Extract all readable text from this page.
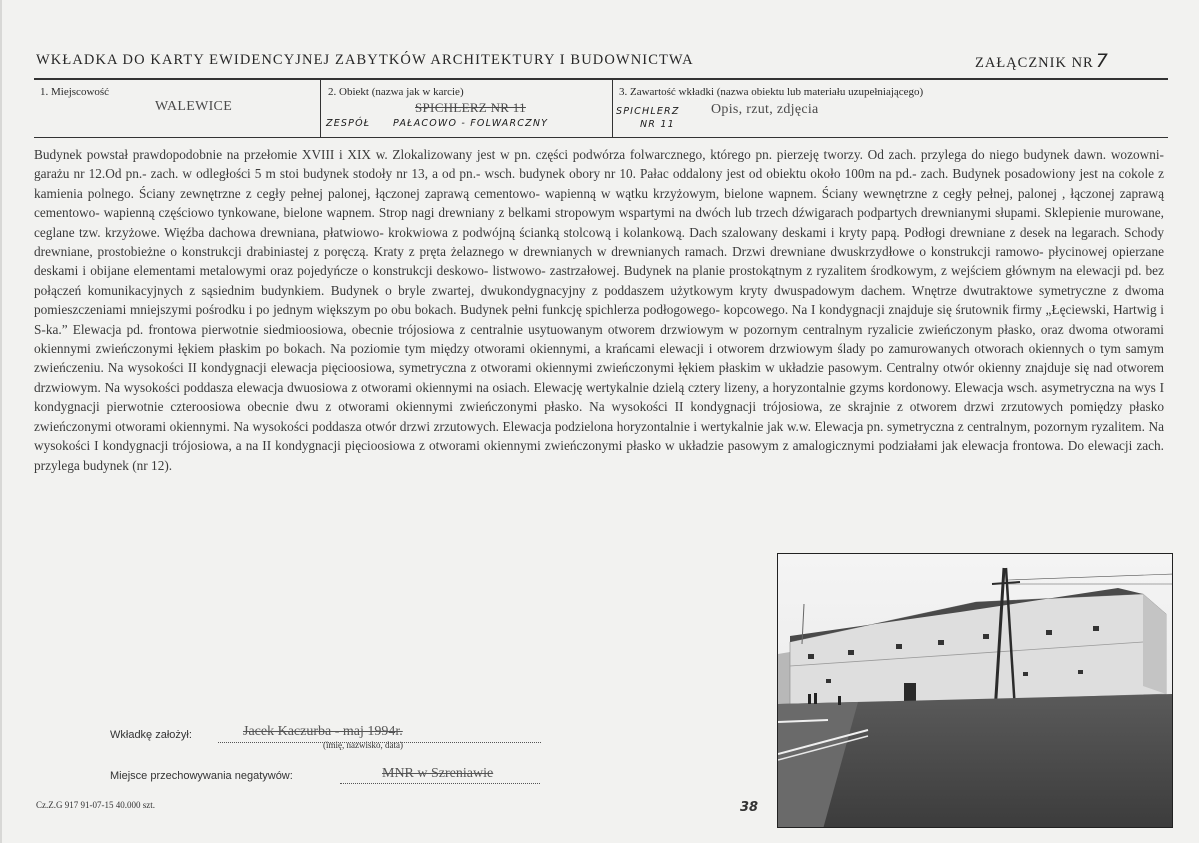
WKŁADKA DO KARTY EWIDENCYJNEJ ZABYTKÓW ARCHITEKTURY I BUDOWNICTWA	ZAŁĄCZNIK NR 7
1. Miejscowość
WALEWICE
2. Obiekt (nazwa jak w karcie)
SPICHLERZ NR 11
ZESPÓŁ PAŁACOWO - FOLWARCZNY
3. Zawartość wkładki (nazwa obiektu lub materiału uzupełniającego)
SPICHLERZ
NR 11
Opis, rzut, zdjęcia

Budynek powstał prawdopodobnie na przełomie XVIII i XIX w. Zlokalizowany jest w pn. części podwórza folwarcznego, którego pn. pierzeję tworzy. Od zach. przylega do niego budynek dawn. wozowni- garażu nr 12.Od pn.- zach. w odległości 5 m stoi budynek stodoły nr 13, a od pn.- wsch. budynek obory nr 10. Pałac oddalony jest od obiektu około 100m na pd.- zach. Budynek posadowiony jest na cokole z kamienia polnego. Ściany zewnętrzne z cegły pełnej palonej, łączonej zaprawą cementowo- wapienną w wątku krzyżowym, bielone wapnem. Ściany wewnętrzne z cegły pełnej, palonej , łączonej zaprawą cementowo- wapienną częściowo tynkowane, bielone wapnem. Strop nagi drewniany z belkami stropowym wspartymi na dwóch lub trzech dźwigarach podpartych drewnianymi słupami. Sklepienie murowane, ceglane tzw. krzyżowe. Więźba dachowa drewniana, płatwiowo- krokwiowa z podwójną ścianką stolcową i kolankową. Dach szalowany deskami i kryty papą. Podłogi drewniane z desek na legarach. Schody drewniane, prostobieżne o konstrukcji drabiniastej z poręczą. Kraty z pręta żelaznego w drewnianych w drewnianych ramach. Drzwi drewniane dwuskrzydłowe o konstrukcji ramowo- płycinowej opierzane deskami i obijane elementami metalowymi oraz pojedyńcze o konstrukcji deskowo- listwowo- zastrzałowej. Budynek na planie prostokątnym z ryzalitem środkowym, z wejściem głównym na elewacji pd. bez połączeń komunikacyjnych z sąsiednim budynkiem. Budynek o bryle zwartej, dwukondygnacyjny z poddaszem użytkowym kryty dwuspadowym dachem. Wnętrze dwutraktowe symetryczne z dwoma pomieszczeniami mniejszymi pośrodku i po jednym większym po obu bokach. Budynek pełni funkcję spichlerza podłogowego- kopcowego. Na I kondygnacji znajduje się śrutownik firmy „Łęciewski, Hartwig i S-ka.” Elewacja pd. frontowa pierwotnie siedmioosiowa, obecnie trójosiowa z centralnie usytuowanym otworem drzwiowym w pozornym centralnym ryzalicie zwieńczonym płasko, oraz dwoma otworami okiennymi zwieńczonymi łękiem płaskim po bokach. Na poziomie tym między otworami okiennymi, a krańcami elewacji i otworem drzwiowym ślady po zamurowanych otworach okiennych o tym samym zwieńczeniu. Na wysokości II kondygnacji elewacja pięcioosiowa, symetryczna z otworami okiennymi zwieńczonymi łękiem płaskim w układzie pasowym. Centralny otwór okienny znajduje się nad otworem drzwiowym. Na wysokości poddasza elewacja dwuosiowa z otworami okiennymi na osiach. Elewację wertykalnie dzielą cztery lizeny, a horyzontalnie gzyms kordonowy. Elewacja wsch. asymetryczna na wys I kondygnacji pierwotnie czteroosiowa obecnie dwu z otworami okiennymi zwieńczonymi płasko. Na wysokości II kondygnacji trójosiowa, ze skrajnie z otworem drzwi zrzutowych pomiędzy płasko zwieńczonymi otworami okiennymi. Na wysokości poddasza otwór drzwi zrzutowych. Elewacja podzielona horyzontalnie i wertykalnie jak w.w. Elewacja pn. symetryczna z centralnym, pozornym ryzalitem. Na wysokości I kondygnacji trójosiowa, a na II kondygnacji pięcioosiowa z otworami okiennymi zwieńczonymi płasko w układzie pasowym z amalogicznymi podziałami jak elewacja frontowa. Do elewacji zach. przylega budynek (nr 12).

Wkładkę założył:	Jacek Kaczurba - maj 1994r.
(imię, nazwisko, data)
Miejsce przechowywania negatywów:	MNR w Szreniawie
Cz.Z.G 917 91-07-15 40.000 szt.	38
